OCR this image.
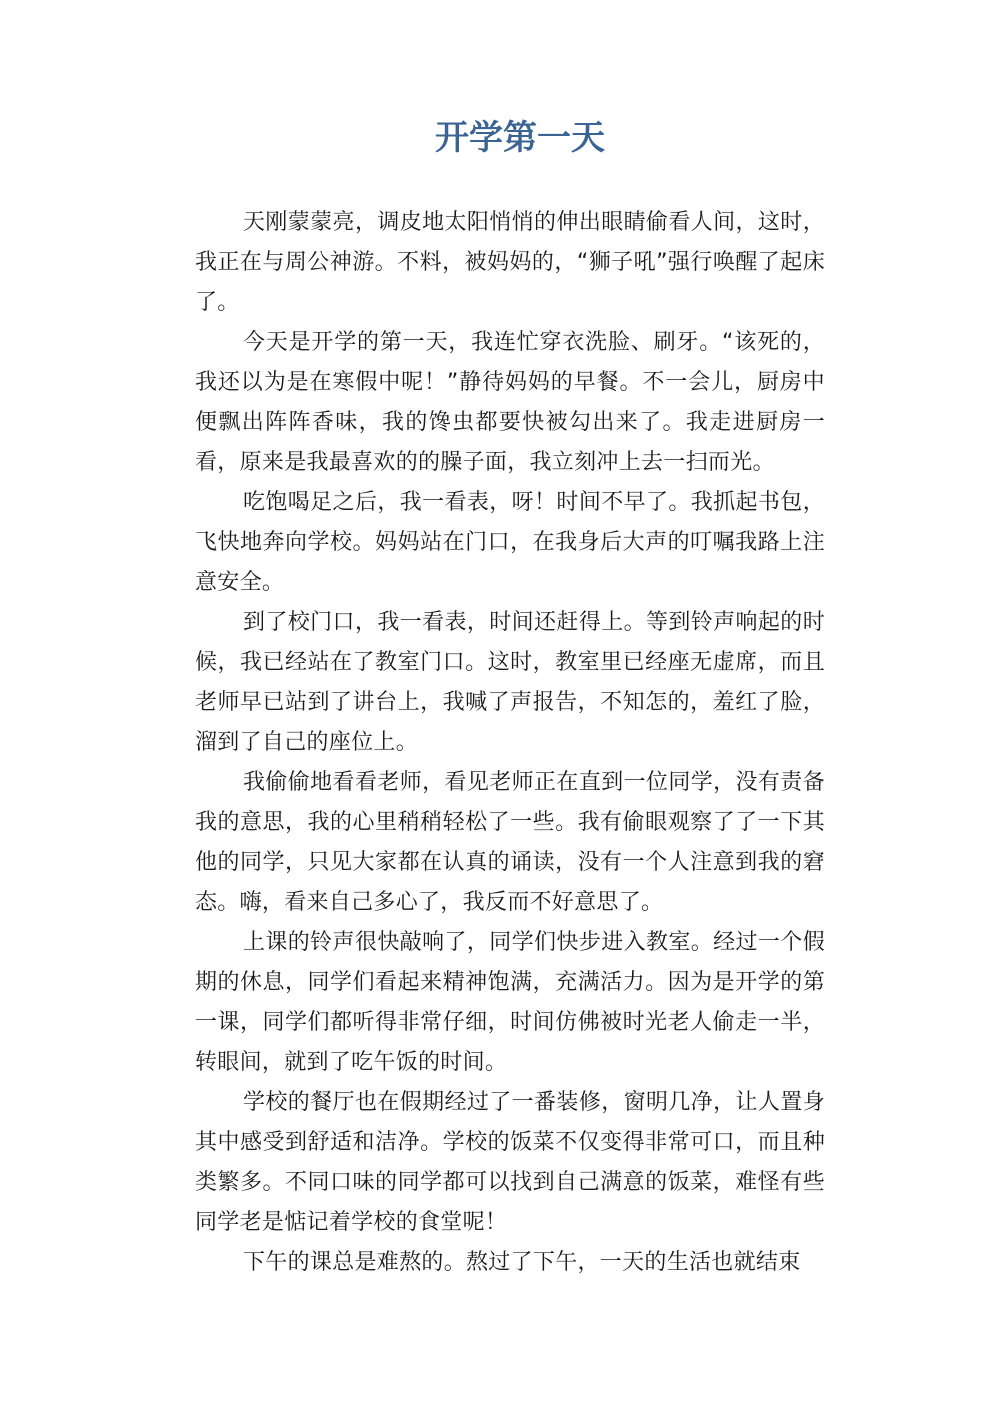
开学第一天

天刚蒙蒙亮，调皮地太阳悄悄的伸出眼睛偷看人间，这时，我正在与周公神游。不料，被妈妈的，“狮子吼”强行唤醒了起床了。

今天是开学的第一天，我连忙穿衣洗脸、刷牙。“该死的，我还以为是在寒假中呢！”静待妈妈的早餐。不一会儿，厨房中便飘出阵阵香味，我的馋虫都要快被勾出来了。我走进厨房一看，原来是我最喜欢的的臊子面，我立刻冲上去一扫而光。

吃饱喝足之后，我一看表，呀！时间不早了。我抓起书包，飞快地奔向学校。妈妈站在门口，在我身后大声的叮嘱我路上注意安全。

到了校门口，我一看表，时间还赶得上。等到铃声响起的时候，我已经站在了教室门口。这时，教室里已经座无虚席，而且老师早已站到了讲台上，我喊了声报告，不知怎的，羞红了脸，溜到了自己的座位上。

我偷偷地看看老师，看见老师正在直到一位同学，没有责备我的意思，我的心里稍稍轻松了一些。我有偷眼观察了了一下其他的同学，只见大家都在认真的诵读，没有一个人注意到我的窘态。嗨，看来自己多心了，我反而不好意思了。

上课的铃声很快敲响了，同学们快步进入教室。经过一个假期的休息，同学们看起来精神饱满，充满活力。因为是开学的第一课，同学们都听得非常仔细，时间仿佛被时光老人偷走一半，转眼间，就到了吃午饭的时间。

学校的餐厅也在假期经过了一番装修，窗明几净，让人置身其中感受到舒适和洁净。学校的饭菜不仅变得非常可口，而且种类繁多。不同口味的同学都可以找到自己满意的饭菜，难怪有些同学老是惦记着学校的食堂呢！

下午的课总是难熬的。熬过了下午，一天的生活也就结束
